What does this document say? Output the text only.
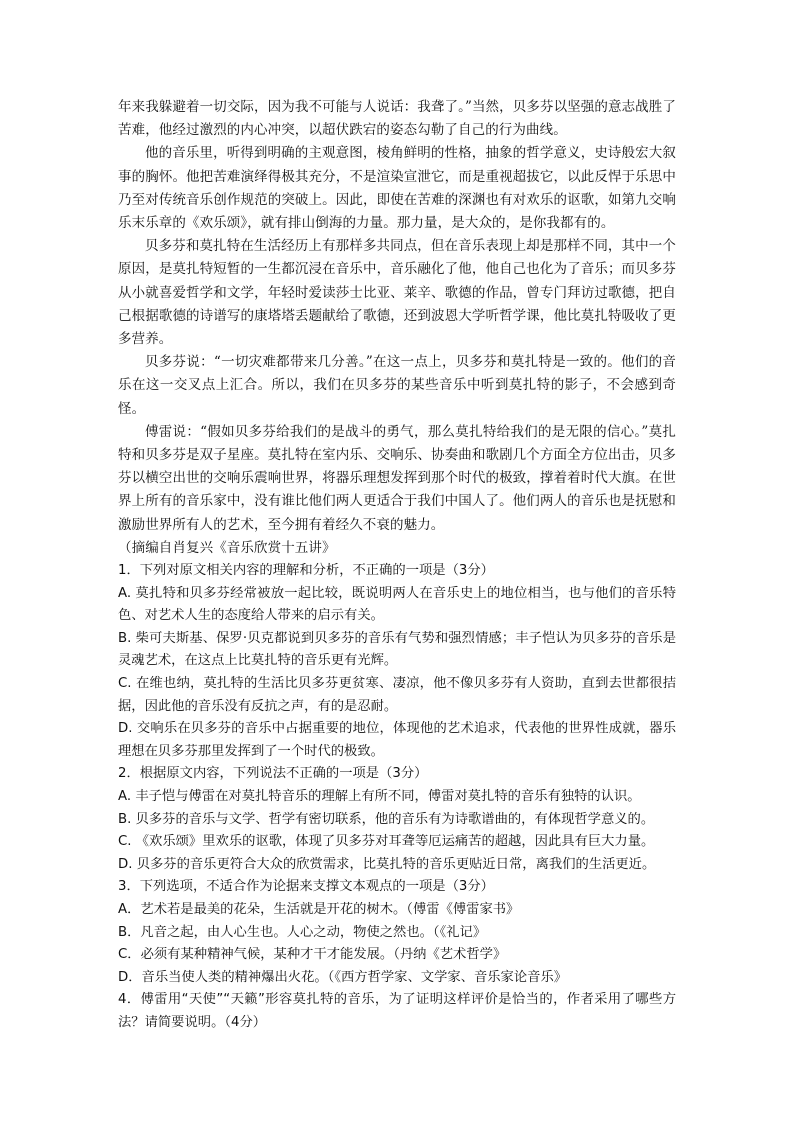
年来我躲避着一切交际，因为我不可能与人说话：我聋了。”当然，贝多芬以坚强的意志战胜了苦难，他经过激烈的内心冲突，以超伏跌宕的姿态勾勒了自己的行为曲线。

他的音乐里，听得到明确的主观意图，棱角鲜明的性格，抽象的哲学意义，史诗般宏大叙事的胸怀。他把苦难演绎得极其充分，不是渲染宣泄它，而是重视超拔它，以此反悍于乐思中乃至对传统音乐创作规范的突破上。因此，即使在苦难的深渊也有对欢乐的讴歌，如第九交响乐末乐章的《欢乐颂》，就有排山倒海的力量。那力量，是大众的，是你我都有的。

贝多芬和莫扎特在生活经历上有那样多共同点，但在音乐表现上却是那样不同，其中一个原因，是莫扎特短暂的一生都沉浸在音乐中，音乐融化了他，他自己也化为了音乐；而贝多芬从小就喜爱哲学和文学，年轻时爱读莎士比亚、莱辛、歌德的作品，曾专门拜访过歌德，把自己根据歌德的诗谱写的康塔塔丢题献给了歌德，还到波恩大学听哲学课，他比莫扎特吸收了更多营养。

贝多芬说：“一切灾难都带来几分善。”在这一点上，贝多芬和莫扎特是一致的。他们的音乐在这一交叉点上汇合。所以，我们在贝多芬的某些音乐中听到莫扎特的影子，不会感到奇怪。

傅雷说：“假如贝多芬给我们的是战斗的勇气，那么莫扎特给我们的是无限的信心。”莫扎特和贝多芬是双子星座。莫扎特在室内乐、交响乐、协奏曲和歌剧几个方面全方位出击，贝多芬以横空出世的交响乐震响世界，将器乐理想发挥到那个时代的极致，撑着着时代大旗。在世界上所有的音乐家中，没有谁比他们两人更适合于我们中国人了。他们两人的音乐也是抚慰和激励世界所有人的艺术，至今拥有着经久不衰的魅力。

（摘编自肖复兴《音乐欣赏十五讲》

1．下列对原文相关内容的理解和分析，不正确的一项是（3分）

A. 莫扎特和贝多芬经常被放一起比较，既说明两人在音乐史上的地位相当，也与他们的音乐特色、对艺术人生的态度给人带来的启示有关。

B. 柴可夫斯基、保罗·贝克都说到贝多芬的音乐有气势和强烈情感；丰子恺认为贝多芬的音乐是灵魂艺术，在这点上比莫扎特的音乐更有光辉。

C. 在维也纳，莫扎特的生活比贝多芬更贫寒、凄凉，他不像贝多芬有人资助，直到去世都很拮据，因此他的音乐没有反抗之声，有的是忍耐。

D. 交响乐在贝多芬的音乐中占据重要的地位，体现他的艺术追求，代表他的世界性成就，器乐理想在贝多芬那里发挥到了一个时代的极致。

2．根据原文内容，下列说法不正确的一项是（3分）

A. 丰子恺与傅雷在对莫扎特音乐的理解上有所不同，傅雷对莫扎特的音乐有独特的认识。

B. 贝多芬的音乐与文学、哲学有密切联系，他的音乐有为诗歌谱曲的，有体现哲学意义的。

C. 《欢乐颂》里欢乐的讴歌，体现了贝多芬对耳聋等厄运痛苦的超越，因此具有巨大力量。

D. 贝多芬的音乐更符合大众的欣赏需求，比莫扎特的音乐更贴近日常，离我们的生活更近。

3．下列选项，不适合作为论据来支撑文本观点的一项是（3分）

A．艺术若是最美的花朵，生活就是开花的树木。（傅雷《傅雷家书》

B．凡音之起，由人心生也。人心之动，物使之然也。（《礼记》

C．必须有某种精神气候，某种才干才能发展。（丹纳《艺术哲学》

D．音乐当使人类的精神爆出火花。（《西方哲学家、文学家、音乐家论音乐》

4．傅雷用“天使”“天籁”形容莫扎特的音乐，为了证明这样评价是恰当的，作者采用了哪些方法？请简要说明。（4分）
